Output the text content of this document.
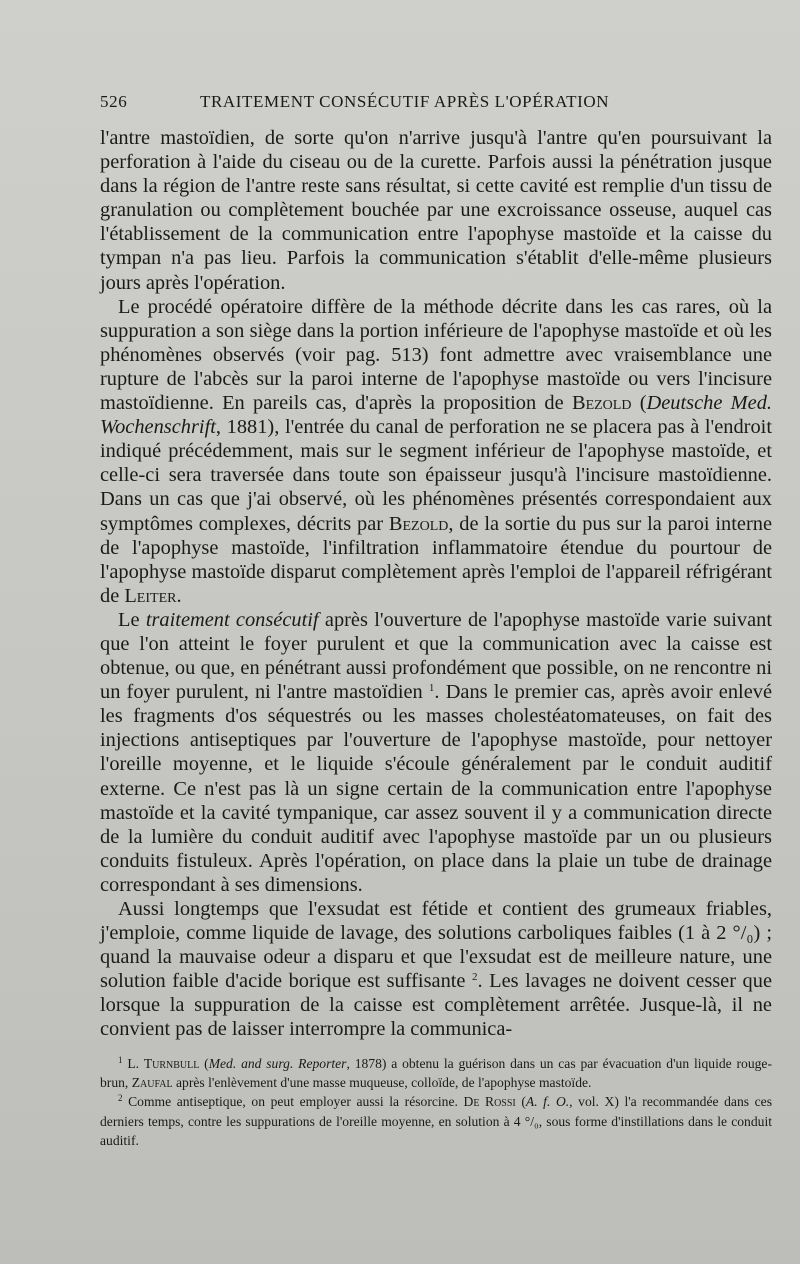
526	TRAITEMENT CONSÉCUTIF APRÈS L'OPÉRATION

l'antre mastoïdien, de sorte qu'on n'arrive jusqu'à l'antre qu'en poursuivant la perforation à l'aide du ciseau ou de la curette. Parfois aussi la pénétration jusque dans la région de l'antre reste sans résultat, si cette cavité est remplie d'un tissu de granulation ou complètement bouchée par une excroissance osseuse, auquel cas l'établissement de la communication entre l'apophyse mastoïde et la caisse du tympan n'a pas lieu. Parfois la communication s'établit d'elle-même plusieurs jours après l'opération.

Le procédé opératoire diffère de la méthode décrite dans les cas rares, où la suppuration a son siège dans la portion inférieure de l'apophyse mastoïde et où les phénomènes observés (voir pag. 513) font admettre avec vraisemblance une rupture de l'abcès sur la paroi interne de l'apophyse mastoïde ou vers l'incisure mastoïdienne. En pareils cas, d'après la proposition de Bezold (Deutsche Med. Wochenschrift, 1881), l'entrée du canal de perforation ne se placera pas à l'endroit indiqué précédemment, mais sur le segment inférieur de l'apophyse mastoïde, et celle-ci sera traversée dans toute son épaisseur jusqu'à l'incisure mastoïdienne. Dans un cas que j'ai observé, où les phénomènes présentés correspondaient aux symptômes complexes, décrits par Bezold, de la sortie du pus sur la paroi interne de l'apophyse mastoïde, l'infiltration inflammatoire étendue du pourtour de l'apophyse mastoïde disparut complètement après l'emploi de l'appareil réfrigérant de Leiter.

Le traitement consécutif après l'ouverture de l'apophyse mastoïde varie suivant que l'on atteint le foyer purulent et que la communication avec la caisse est obtenue, ou que, en pénétrant aussi profondément que possible, on ne rencontre ni un foyer purulent, ni l'antre mastoïdien $^1$. Dans le premier cas, après avoir enlevé les fragments d'os séquestrés ou les masses cholestéatomateuses, on fait des injections antiseptiques par l'ouverture de l'apophyse mastoïde, pour nettoyer l'oreille moyenne, et le liquide s'écoule généralement par le conduit auditif externe. Ce n'est pas là un signe certain de la communication entre l'apophyse mastoïde et la cavité tympanique, car assez souvent il y a communication directe de la lumière du conduit auditif avec l'apophyse mastoïde par un ou plusieurs conduits fistuleux. Après l'opération, on place dans la plaie un tube de drainage correspondant à ses dimensions.

Aussi longtemps que l'exsudat est fétide et contient des grumeaux friables, j'emploie, comme liquide de lavage, des solutions carboliques faibles (1 à 2 °/₀) ; quand la mauvaise odeur a disparu et que l'exsudat est de meilleure nature, une solution faible d'acide borique est suffisante $^2$. Les lavages ne doivent cesser que lorsque la suppuration de la caisse est complètement arrêtée. Jusque-là, il ne convient pas de laisser interrompre la communica-

$^1$ L. Turnbull (Med. and surg. Reporter, 1878) a obtenu la guérison dans un cas par évacuation d'un liquide rouge-brun, Zaufal après l'enlèvement d'une masse muqueuse, colloïde, de l'apophyse mastoïde.

$^2$ Comme antiseptique, on peut employer aussi la résorcine. De Rossi (A. f. O., vol. X) l'a recommandée dans ces derniers temps, contre les suppurations de l'oreille moyenne, en solution à 4 °/₀, sous forme d'instillations dans le conduit auditif.
